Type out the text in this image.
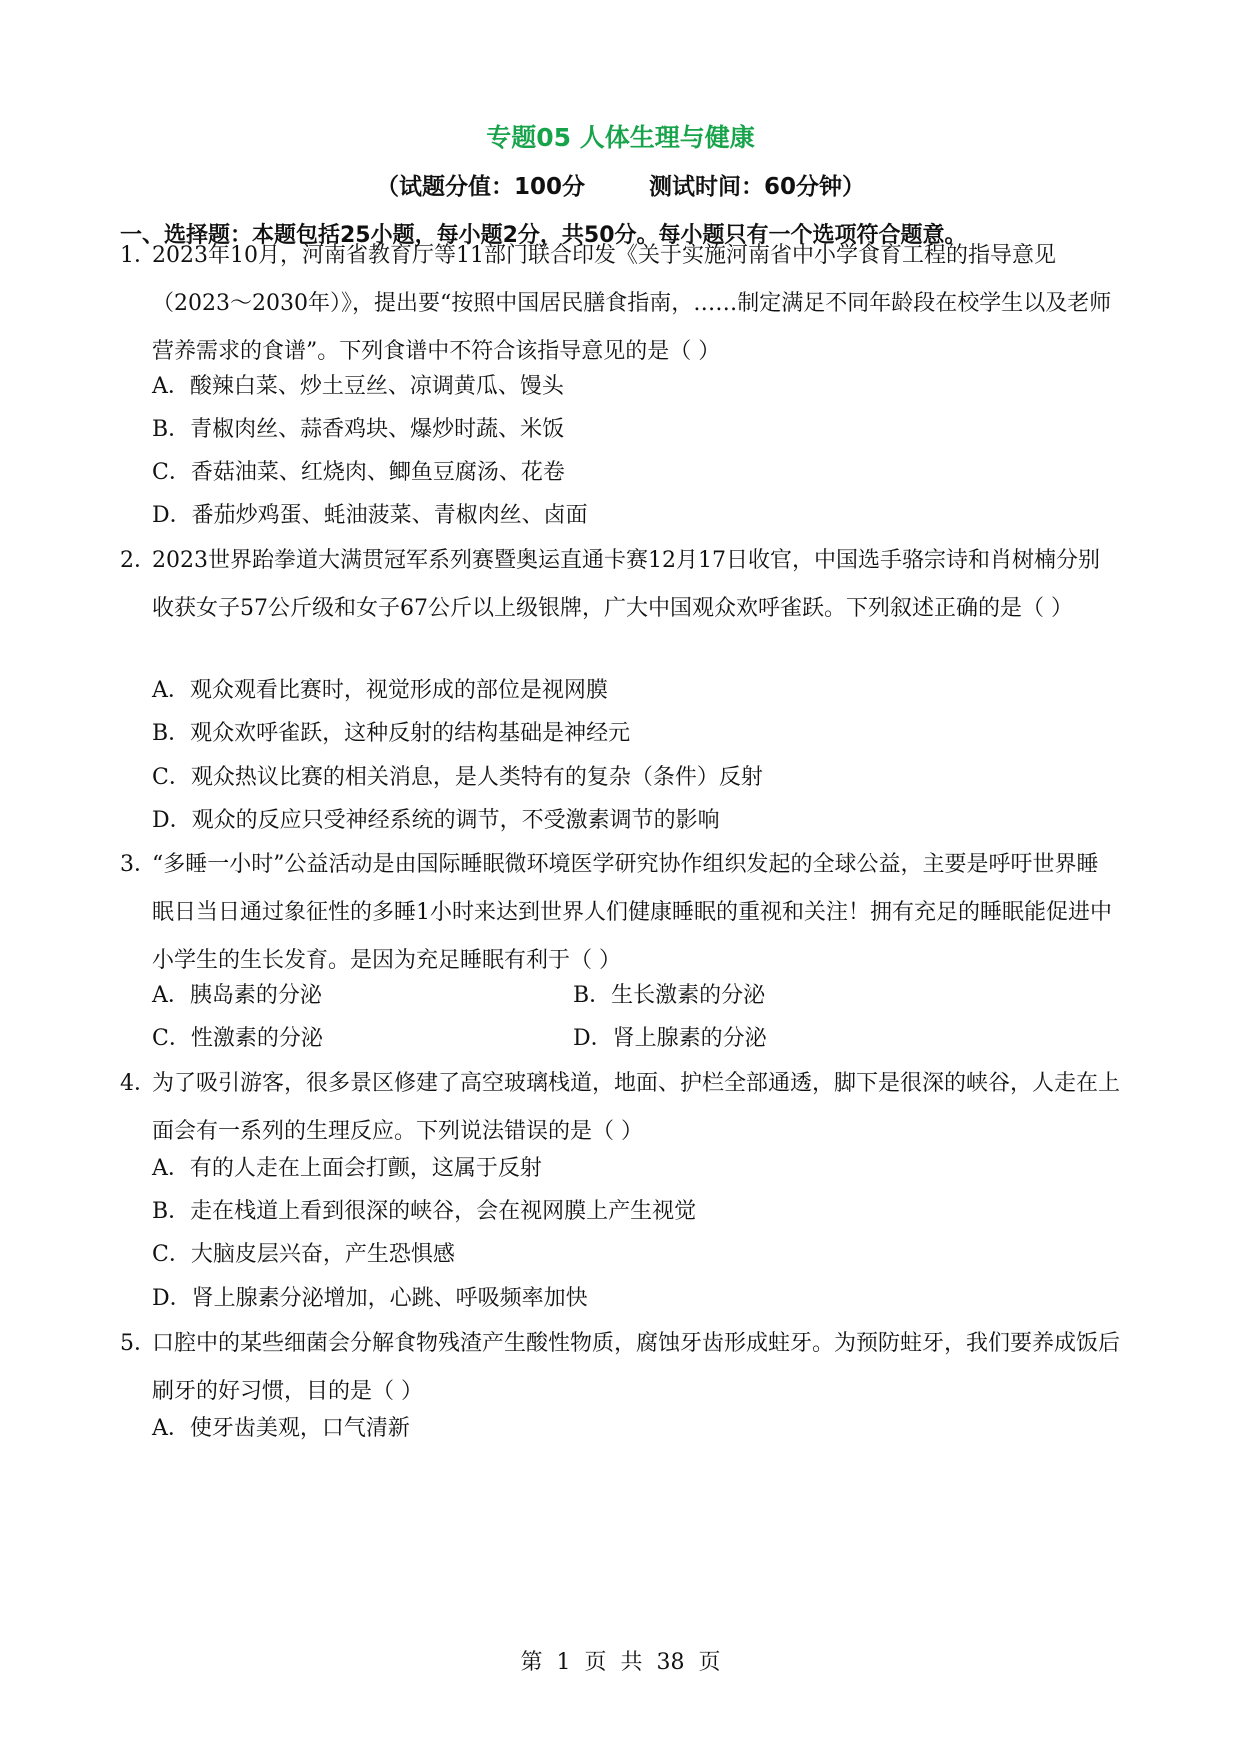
专题05 人体生理与健康
（试题分值：100分        测试时间：60分钟）
一、选择题：本题包括25小题，每小题2分，共50分。每小题只有一个选项符合题意。
1．2023年10月，河南省教育厅等11部门联合印发《关于实施河南省中小学食育工程的指导意见（2023～2030年）》，提出要“按照中国居民膳食指南，……制定满足不同年龄段在校学生以及老师营养需求的食谱”。下列食谱中不符合该指导意见的是（ ）
A．酸辣白菜、炒土豆丝、凉调黄瓜、馒头
B．青椒肉丝、蒜香鸡块、爆炒时蔬、米饭
C．香菇油菜、红烧肉、鲫鱼豆腐汤、花卷
D．番茄炒鸡蛋、蚝油菠菜、青椒肉丝、卤面
2．2023世界跆拳道大满贯冠军系列赛暨奥运直通卡赛12月17日收官，中国选手骆宗诗和肖树楠分别收获女子57公斤级和女子67公斤以上级银牌，广大中国观众欢呼雀跃。下列叙述正确的是（ ）
A．观众观看比赛时，视觉形成的部位是视网膜
B．观众欢呼雀跃，这种反射的结构基础是神经元
C．观众热议比赛的相关消息，是人类特有的复杂（条件）反射
D．观众的反应只受神经系统的调节，不受激素调节的影响
3．“多睡一小时”公益活动是由国际睡眠微环境医学研究协作组织发起的全球公益，主要是呼吁世界睡眠日当日通过象征性的多睡1小时来达到世界人们健康睡眠的重视和关注！拥有充足的睡眠能促进中小学生的生长发育。是因为充足睡眠有利于（ ）
A．胰岛素的分泌	B．生长激素的分泌
C．性激素的分泌	D．肾上腺素的分泌
4．为了吸引游客，很多景区修建了高空玻璃栈道，地面、护栏全部通透，脚下是很深的峡谷，人走在上面会有一系列的生理反应。下列说法错误的是（ ）
A．有的人走在上面会打颤，这属于反射
B．走在栈道上看到很深的峡谷，会在视网膜上产生视觉
C．大脑皮层兴奋，产生恐惧感
D．肾上腺素分泌增加，心跳、呼吸频率加快
5．口腔中的某些细菌会分解食物残渣产生酸性物质，腐蚀牙齿形成蛀牙。为预防蛀牙，我们要养成饭后刷牙的好习惯，目的是（ ）
A．使牙齿美观，口气清新
第  1  页  共  38  页
